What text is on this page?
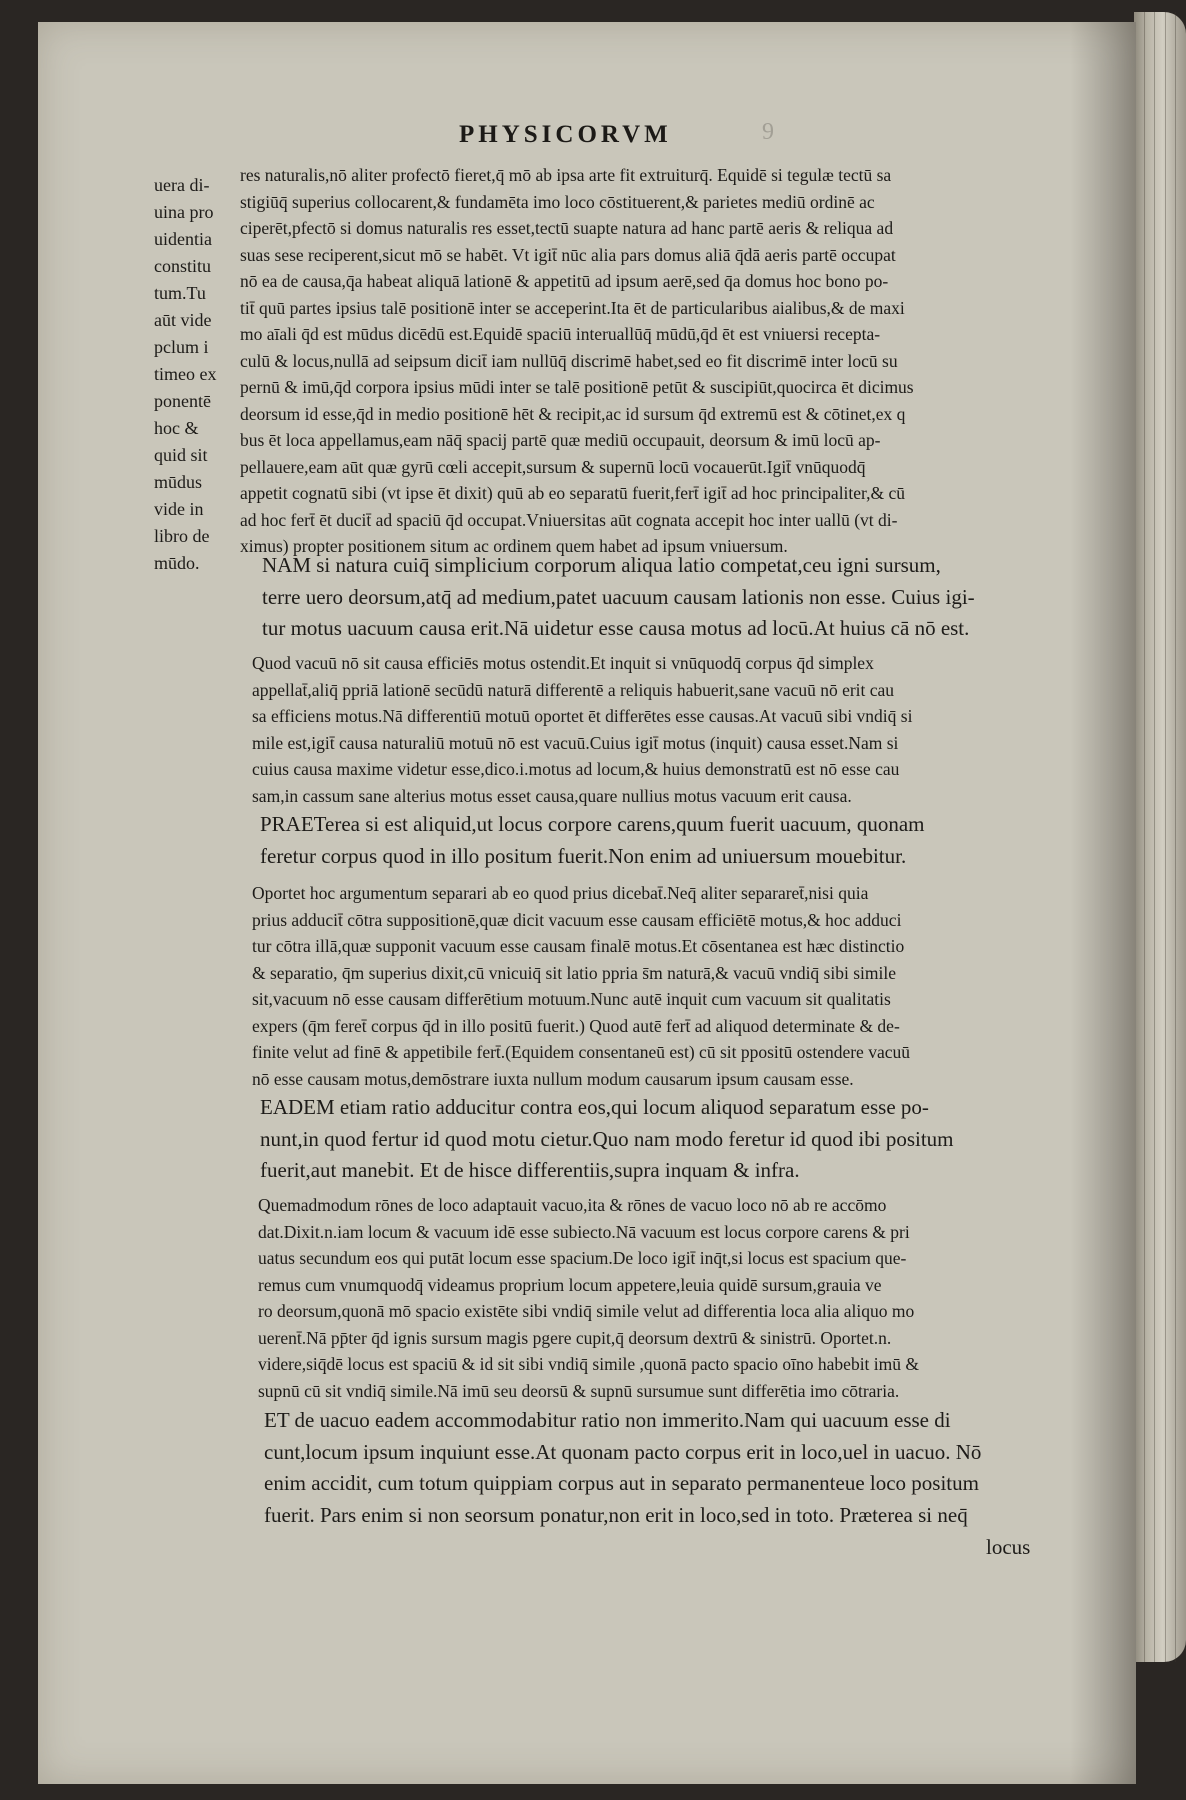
PHYSICORVM	9
uera di-
uina pro
uidentia
constitu
tum.Tu
aūt vide
pclum i
timeo ex
ponentē
hoc &
quid sit
mūdus
vide in
libro de
mūdo.
res naturalis,nō aliter profectō fieret,q̄ mō ab ipsa arte fit extruiturq̄. Equidē si tegulæ tectū sa
stigiūq̄ superius collocarent,& fundamēta imo loco cōstituerent,& parietes mediū ordinē ac
ciperēt,pfectō si domus naturalis res esset,tectū suapte natura ad hanc partē aeris & reliqua ad
suas sese reciperent,sicut mō se habēt. Vt igit̄ nūc alia pars domus aliā q̄dā aeris partē occupat
nō ea de causa,q̄a habeat aliquā lationē & appetitū ad ipsum aerē,sed q̄a domus hoc bono po-
tit̄ quū partes ipsius talē positionē inter se acceperint.Ita ēt de particularibus aialibus,& de maxi
mo aīali q̄d est mūdus dicēdū est.Equidē spaciū interuallūq̄ mūdū,q̄d ēt est vniuersi recepta-
culū & locus,nullā ad seipsum dicit̄ iam nullūq̄ discrimē habet,sed eo fit discrimē inter locū su
pernū & imū,q̄d corpora ipsius mūdi inter se talē positionē petūt & suscipiūt,quocirca ēt dicimus
deorsum id esse,q̄d in medio positionē hēt & recipit,ac id sursum q̄d extremū est & cōtinet,ex q
bus ēt loca appellamus,eam nāq̄ spacij partē quæ mediū occupauit, deorsum & imū locū ap-
pellauere,eam aūt quæ gyrū cœli accepit,sursum & supernū locū vocauerūt.Igit̄ vnūquodq̄
appetit cognatū sibi (vt ipse ēt dixit) quū ab eo separatū fuerit,fert̄ igit̄ ad hoc principaliter,& cū
ad hoc fert̄ ēt ducit̄ ad spaciū q̄d occupat.Vniuersitas aūt cognata accepit hoc inter uallū (vt di-
ximus) propter positionem situm ac ordinem quem habet ad ipsum vniuersum.
NAM si natura cuiq̄ simplicium corporum aliqua latio competat,ceu igni sursum,
terre uero deorsum,atq̄ ad medium,patet uacuum causam lationis non esse. Cuius igi-
tur motus uacuum causa erit.Nā uidetur esse causa motus ad locū.At huius cā nō est.
Quod vacuū nō sit causa efficiēs motus ostendit.Et inquit si vnūquodq̄ corpus q̄d simplex
appellat̄,aliq̄ ppriā lationē secūdū naturā differentē a reliquis habuerit,sane vacuū nō erit cau
sa efficiens motus.Nā differentiū motuū oportet ēt differētes esse causas.At vacuū sibi vndiq̄ si
mile est,igit̄ causa naturaliū motuū nō est vacuū.Cuius igit̄ motus (inquit) causa esset.Nam si
cuius causa maxime videtur esse,dico.i.motus ad locum,& huius demonstratū est nō esse cau
sam,in cassum sane alterius motus esset causa,quare nullius motus vacuum erit causa.
PRAETerea si est aliquid,ut locus corpore carens,quum fuerit uacuum, quonam
feretur corpus quod in illo positum fuerit.Non enim ad uniuersum mouebitur.
Oportet hoc argumentum separari ab eo quod prius dicebat̄.Neq̄ aliter separaret̄,nisi quia
prius adducit̄ cōtra suppositionē,quæ dicit vacuum esse causam efficiētē motus,& hoc adduci
tur cōtra illā,quæ supponit vacuum esse causam finalē motus.Et cōsentanea est hæc distinctio
& separatio, q̄m superius dixit,cū vnicuiq̄ sit latio ppria s̄m naturā,& vacuū vndiq̄ sibi simile
sit,vacuum nō esse causam differētium motuum.Nunc autē inquit cum vacuum sit qualitatis
expers (q̄m feret̄ corpus q̄d in illo positū fuerit.) Quod autē fert̄ ad aliquod determinate & de-
finite velut ad finē & appetibile fert̄.(Equidem consentaneū est) cū sit ppositū ostendere vacuū
nō esse causam motus,demōstrare iuxta nullum modum causarum ipsum causam esse.
EADEM etiam ratio adducitur contra eos,qui locum aliquod separatum esse po-
nunt,in quod fertur id quod motu cietur.Quo nam modo feretur id quod ibi positum
fuerit,aut manebit. Et de hisce differentiis,supra inquam & infra.
Quemadmodum rōnes de loco adaptauit vacuo,ita & rōnes de vacuo loco nō ab re accōmo
dat.Dixit.n.iam locum & vacuum idē esse subiecto.Nā vacuum est locus corpore carens & pri
uatus secundum eos qui putāt locum esse spacium.De loco igit̄ inq̄t,si locus est spacium que-
remus cum vnumquodq̄ videamus proprium locum appetere,leuia quidē sursum,grauia ve
ro deorsum,quonā mō spacio existēte sibi vndiq̄ simile velut ad differentia loca alia aliquo mo
uerent̄.Nā pp̄ter q̄d ignis sursum magis pgere cupit,q̄ deorsum dextrū & sinistrū. Oportet.n.
videre,siq̄dē locus est spaciū & id sit sibi vndiq̄ simile ,quonā pacto spacio oīno habebit imū &
supnū cū sit vndiq̄ simile.Nā imū seu deorsū & supnū sursumue sunt differētia imo cōtraria.
ET de uacuo eadem accommodabitur ratio non immerito.Nam qui uacuum esse di
cunt,locum ipsum inquiunt esse.At quonam pacto corpus erit in loco,uel in uacuo. Nō
enim accidit, cum totum quippiam corpus aut in separato permanenteue loco positum
fuerit. Pars enim si non seorsum ponatur,non erit in loco,sed in toto. Præterea si neq̄
locus
